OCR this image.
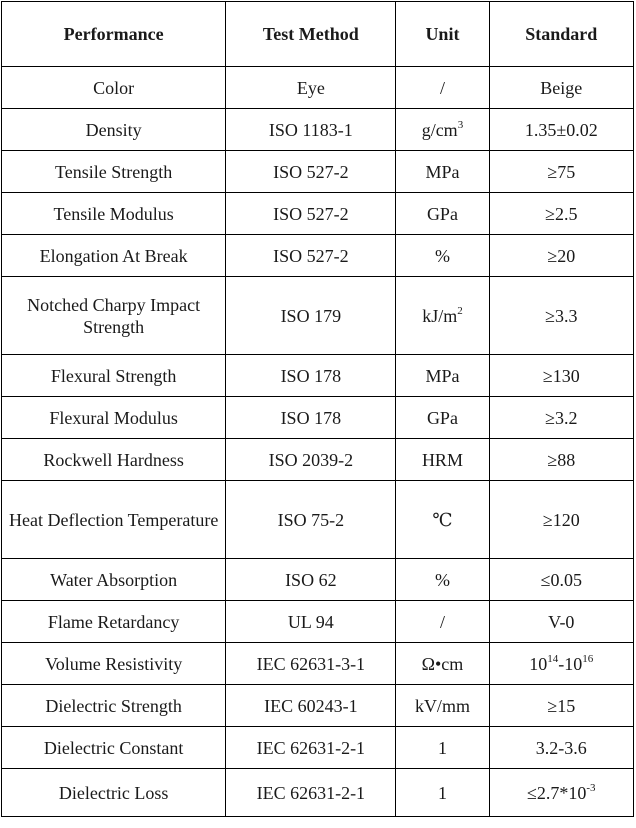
Performance	Test Method	Unit	Standard
Color	Eye	/	Beige
Density	ISO 1183-1	$g/cm^3$	1.35±0.02
Tensile Strength	ISO 527-2	MPa	≥75
Tensile Modulus	ISO 527-2	GPa	≥2.5
Elongation At Break	ISO 527-2	%	≥20
Notched Charpy Impact Strength	ISO 179	$kJ/m^2$	≥3.3
Flexural Strength	ISO 178	MPa	≥130
Flexural Modulus	ISO 178	GPa	≥3.2
Rockwell Hardness	ISO 2039-2	HRM	≥88
Heat Deflection Temperature	ISO 75-2	℃	≥120
Water Absorption	ISO 62	%	≤0.05
Flame Retardancy	UL 94	/	V-0
Volume Resistivity	IEC 62631-3-1	Ω•cm	$10^{14}-10^{16}$
Dielectric Strength	IEC 60243-1	kV/mm	≥15
Dielectric Constant	IEC 62631-2-1	1	3.2-3.6
Dielectric Loss	IEC 62631-2-1	1	$\le 2.7*10^{-3}$
